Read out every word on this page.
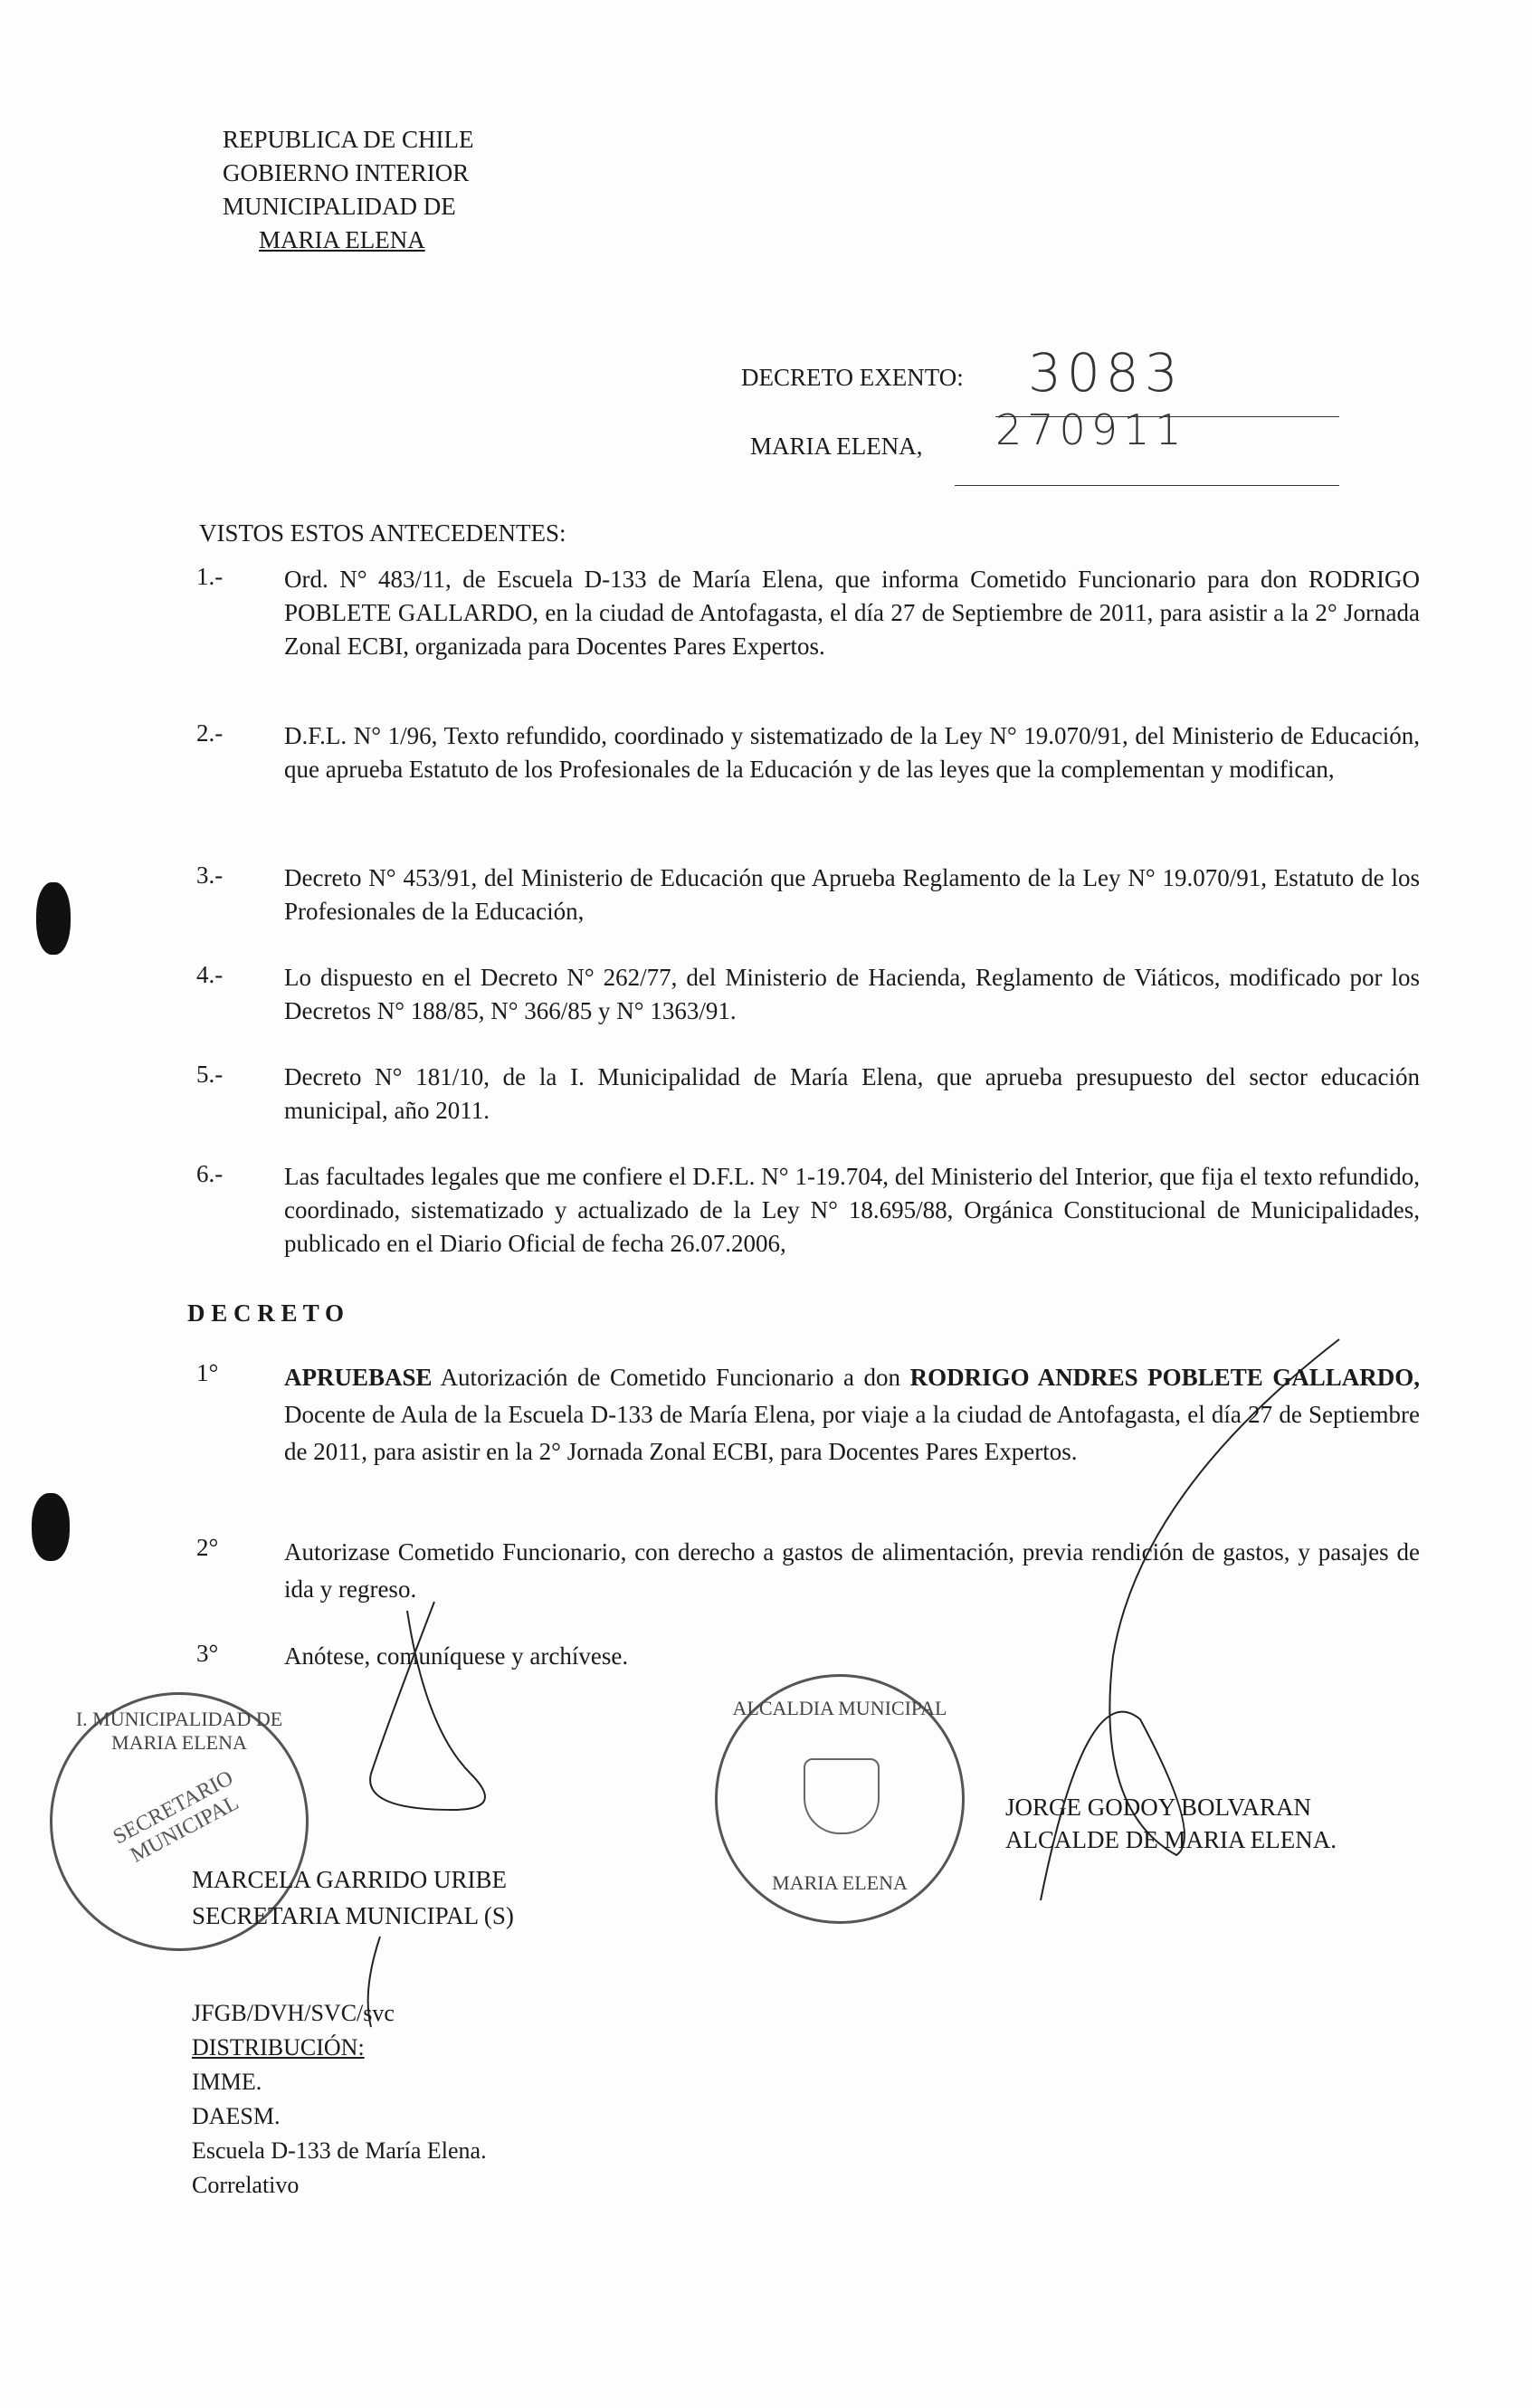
REPUBLICA DE CHILE
GOBIERNO INTERIOR
MUNICIPALIDAD DE
MARIA ELENA
DECRETO EXENTO: 3083
MARIA ELENA, 270911
VISTOS ESTOS ANTECEDENTES:
1.-	Ord. N° 483/11, de Escuela D-133 de María Elena, que informa Cometido Funcionario para don RODRIGO POBLETE GALLARDO, en la ciudad de Antofagasta, el día 27 de Septiembre de 2011, para asistir a la 2° Jornada Zonal ECBI, organizada para Docentes Pares Expertos.
2.-	D.F.L. N° 1/96, Texto refundido, coordinado y sistematizado de la Ley N° 19.070/91, del Ministerio de Educación, que aprueba Estatuto de los Profesionales de la Educación y de las leyes que la complementan y modifican,
3.-	Decreto N° 453/91, del Ministerio de Educación que Aprueba Reglamento de la Ley N° 19.070/91, Estatuto de los Profesionales de la Educación,
4.-	Lo dispuesto en el Decreto N° 262/77, del Ministerio de Hacienda, Reglamento de Viáticos, modificado por los Decretos N° 188/85, N° 366/85 y N° 1363/91.
5.-	Decreto N° 181/10, de la I. Municipalidad de María Elena, que aprueba presupuesto del sector educación municipal, año 2011.
6.-	Las facultades legales que me confiere el D.F.L. N° 1-19.704, del Ministerio del Interior, que fija el texto refundido, coordinado, sistematizado y actualizado de la Ley N° 18.695/88, Orgánica Constitucional de Municipalidades, publicado en el Diario Oficial de fecha 26.07.2006,
D E C R E T O
1°	APRUEBASE Autorización de Cometido Funcionario a don RODRIGO ANDRES POBLETE GALLARDO, Docente de Aula de la Escuela D-133 de María Elena, por viaje a la ciudad de Antofagasta, el día 27 de Septiembre de 2011, para asistir en la 2° Jornada Zonal ECBI, para Docentes Pares Expertos.
2°	Autorizase Cometido Funcionario, con derecho a gastos de alimentación, previa rendición de gastos, y pasajes de ida y regreso.
3°	Anótese, comuníquese y archívese.
I. MUNICIPALIDAD DE MARIA ELENA
SECRETARIO MUNICIPAL
ALCALDIA MUNICIPAL
MARIA ELENA
MARCELA GARRIDO URIBE
SECRETARIA MUNICIPAL (S)
JORGE GODOY BOLVARAN
ALCALDE DE MARIA ELENA.
JFGB/DVH/SVC/svc
DISTRIBUCIÓN:
IMME.
DAESM.
Escuela D-133 de María Elena.
Correlativo
